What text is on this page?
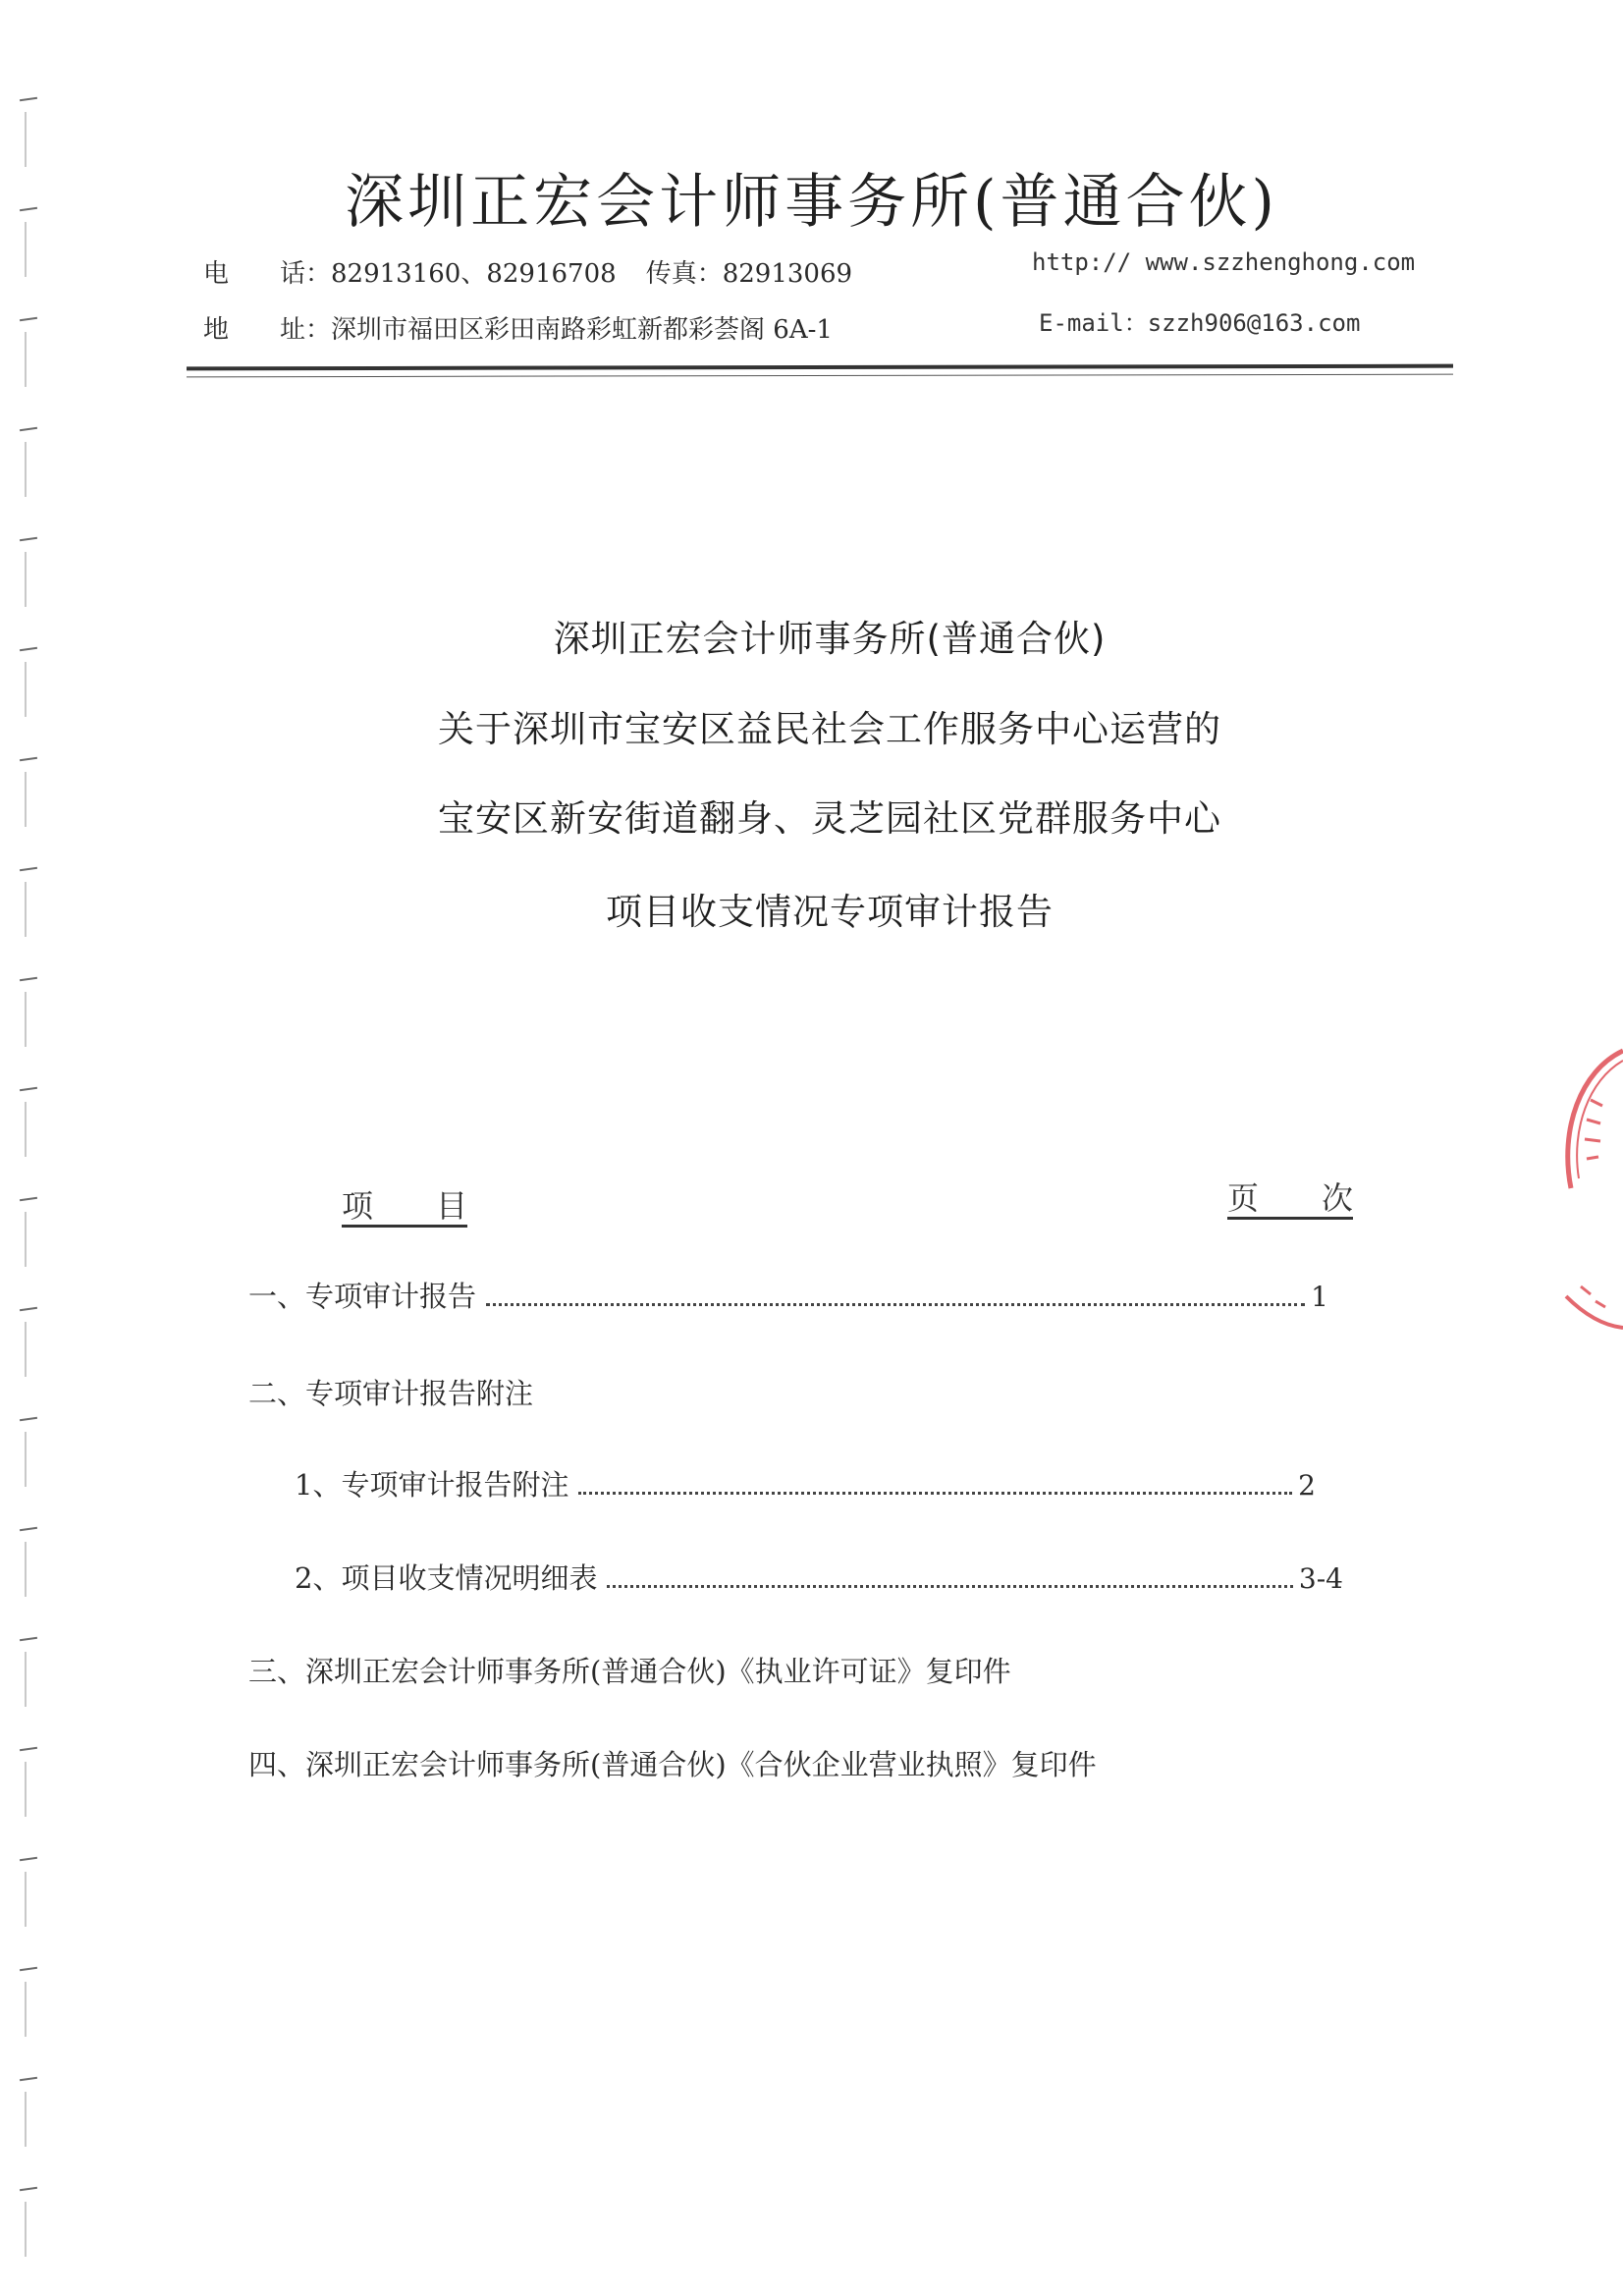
深圳正宏会计师事务所(普通合伙)
电　　话：82913160、82916708 传真：82913069	http:// www.szzhenghong.com
地　　址：深圳市福田区彩田南路彩虹新都彩荟阁 6A-1	E-mail：szzh906@163.com
深圳正宏会计师事务所(普通合伙)
关于深圳市宝安区益民社会工作服务中心运营的
宝安区新安街道翻身、灵芝园社区党群服务中心
项目收支情况专项审计报告
项　　目	页　　次
一、专项审计报告	1
二、专项审计报告附注
1、专项审计报告附注	2
2、项目收支情况明细表	3-4
三、深圳正宏会计师事务所(普通合伙)《执业许可证》复印件
四、深圳正宏会计师事务所(普通合伙)《合伙企业营业执照》复印件
